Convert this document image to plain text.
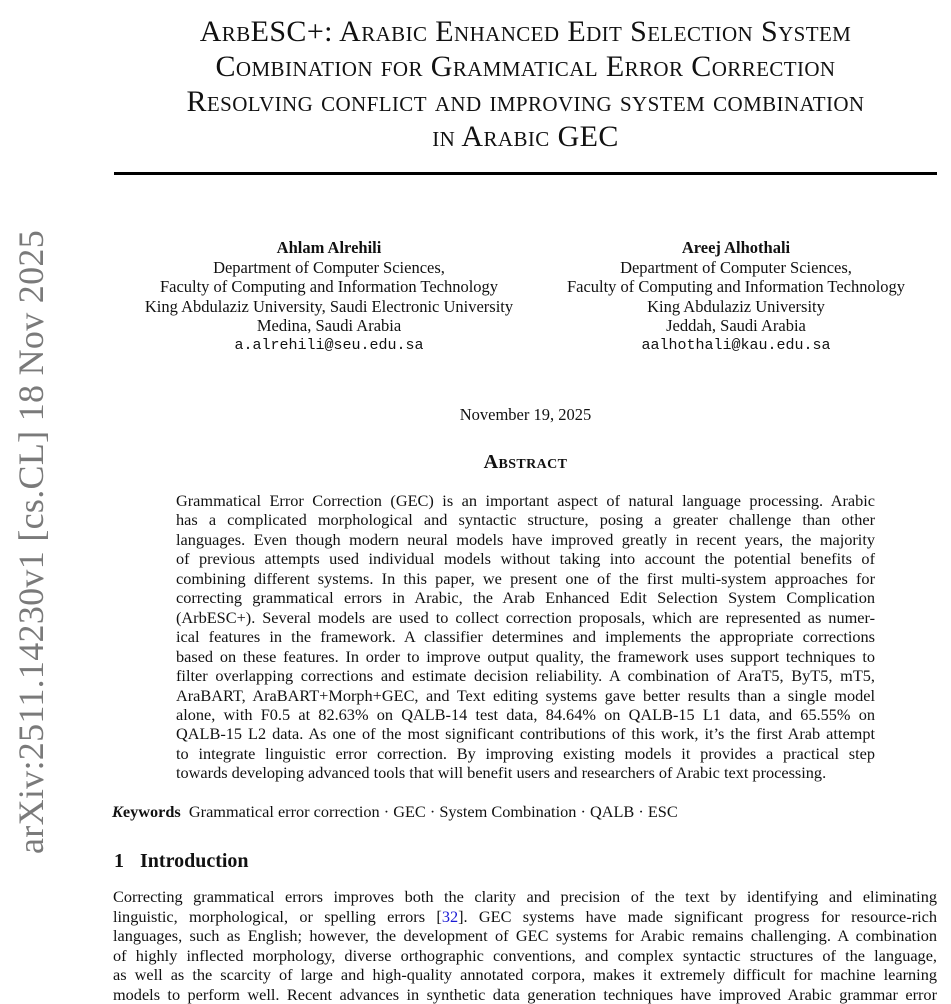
arXiv:2511.14230v1 [cs.CL] 18 Nov 2025
ArbESC+: Arabic Enhanced Edit Selection System
Combination for Grammatical Error Correction
Resolving conflict and improving system combination
in Arabic GEC
Ahlam Alrehili
Department of Computer Sciences,
Faculty of Computing and Information Technology
King Abdulaziz University, Saudi Electronic University
Medina, Saudi Arabia
a.alrehili@seu.edu.sa
Areej Alhothali
Department of Computer Sciences,
Faculty of Computing and Information Technology
King Abdulaziz University
Jeddah, Saudi Arabia
aalhothali@kau.edu.sa
November 19, 2025
Abstract
Grammatical Error Correction (GEC) is an important aspect of natural language processing. Arabic
has a complicated morphological and syntactic structure, posing a greater challenge than other
languages. Even though modern neural models have improved greatly in recent years, the majority
of previous attempts used individual models without taking into account the potential benefits of
combining different systems. In this paper, we present one of the first multi-system approaches for
correcting grammatical errors in Arabic, the Arab Enhanced Edit Selection System Complication
(ArbESC+). Several models are used to collect correction proposals, which are represented as numer-
ical features in the framework. A classifier determines and implements the appropriate corrections
based on these features. In order to improve output quality, the framework uses support techniques to
filter overlapping corrections and estimate decision reliability. A combination of AraT5, ByT5, mT5,
AraBART, AraBART+Morph+GEC, and Text editing systems gave better results than a single model
alone, with F0.5 at 82.63% on QALB-14 test data, 84.64% on QALB-15 L1 data, and 65.55% on
QALB-15 L2 data. As one of the most significant contributions of this work, it’s the first Arab attempt
to integrate linguistic error correction. By improving existing models it provides a practical step
towards developing advanced tools that will benefit users and researchers of Arabic text processing.
Keywords Grammatical error correction · GEC · System Combination · QALB · ESC
1 Introduction
Correcting grammatical errors improves both the clarity and precision of the text by identifying and eliminating
linguistic, morphological, or spelling errors [32]. GEC systems have made significant progress for resource-rich
languages, such as English; however, the development of GEC systems for Arabic remains challenging. A combination
of highly inflected morphology, diverse orthographic conventions, and complex syntactic structures of the language,
as well as the scarcity of large and high-quality annotated corpora, makes it extremely difficult for machine learning
models to perform well. Recent advances in synthetic data generation techniques have improved Arabic grammar error
